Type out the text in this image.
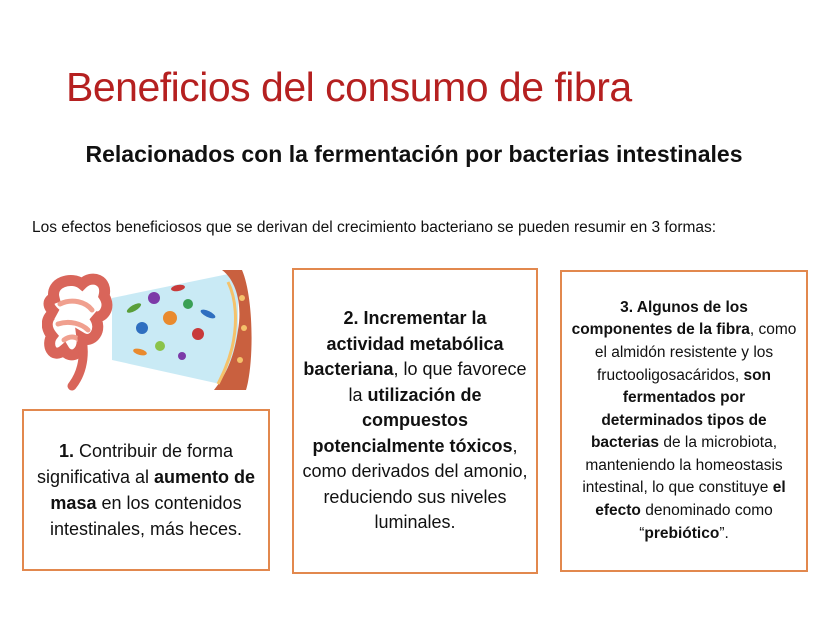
Beneficios del consumo de fibra
Relacionados con la fermentación por bacterias intestinales
Los efectos beneficiosos que se derivan del crecimiento bacteriano se pueden resumir en 3 formas:
1. Contribuir de forma significativa al aumento de masa en los contenidos intestinales, más heces.
2. Incrementar la actividad metabólica bacteriana, lo que favorece la utilización de compuestos potencialmente tóxicos, como derivados del amonio, reduciendo sus niveles luminales.
3. Algunos de los componentes de la fibra, como el almidón resistente y los fructooligosacáridos, son fermentados por determinados tipos de bacterias de la microbiota, manteniendo la homeostasis intestinal, lo que constituye el efecto denominado como “prebiótico”.
